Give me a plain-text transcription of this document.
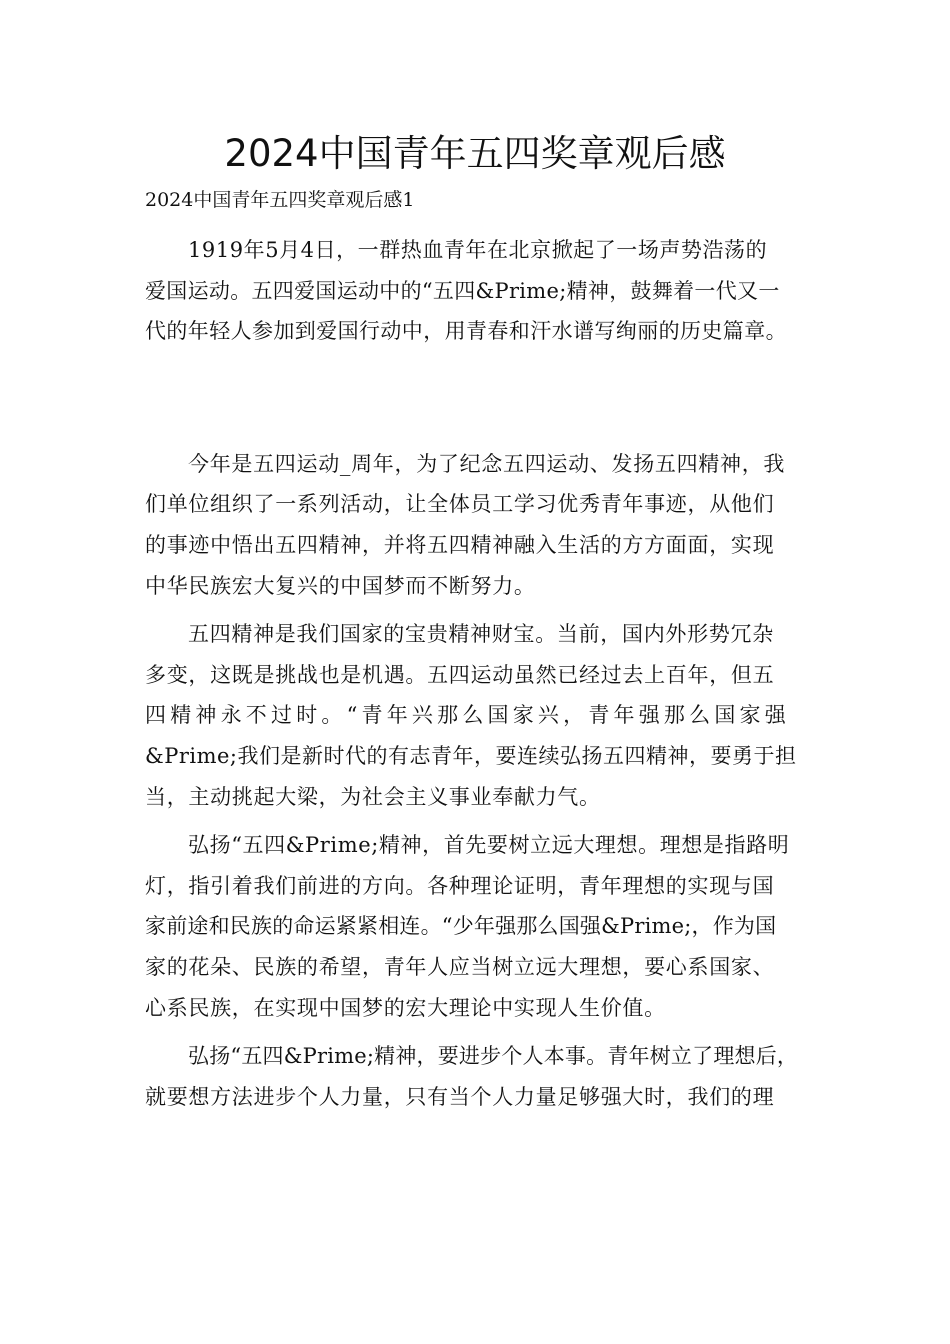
2024中国青年五四奖章观后感
2024中国青年五四奖章观后感1
1919年5月4日，一群热血青年在北京掀起了一场声势浩荡的
爱国运动。五四爱国运动中的“五四&Prime;精神，鼓舞着一代又一
代的年轻人参加到爱国行动中，用青春和汗水谱写绚丽的历史篇章。
今年是五四运动_周年，为了纪念五四运动、发扬五四精神，我
们单位组织了一系列活动，让全体员工学习优秀青年事迹，从他们
的事迹中悟出五四精神，并将五四精神融入生活的方方面面，实现
中华民族宏大复兴的中国梦而不断努力。
五四精神是我们国家的宝贵精神财宝。当前，国内外形势冗杂
多变，这既是挑战也是机遇。五四运动虽然已经过去上百年，但五
四精神永不过时。“青年兴那么国家兴，青年强那么国家强
&Prime;我们是新时代的有志青年，要连续弘扬五四精神，要勇于担
当，主动挑起大梁，为社会主义事业奉献力气。
弘扬“五四&Prime;精神，首先要树立远大理想。理想是指路明
灯，指引着我们前进的方向。各种理论证明，青年理想的实现与国
家前途和民族的命运紧紧相连。“少年强那么国强&Prime;，作为国
家的花朵、民族的希望，青年人应当树立远大理想，要心系国家、
心系民族，在实现中国梦的宏大理论中实现人生价值。
弘扬“五四&Prime;精神，要进步个人本事。青年树立了理想后，
就要想方法进步个人力量，只有当个人力量足够强大时，我们的理
